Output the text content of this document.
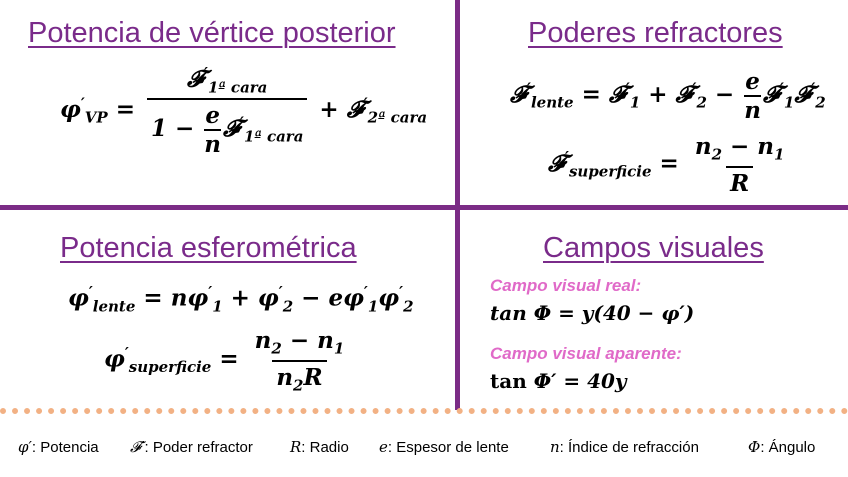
Potencia de vértice posterior
$\varphi'_{VP} = \frac{𝓕'_{1ª cara}}{1 - \frac{e}{n} 𝓕'_{1ª cara}}$ + 𝓕′$_{2ª cara}$
Poderes refractores
𝓕′$_{lente}$ = 𝓕′$_1$ + 𝓕′$_2$ − $\frac{e}{n}$ 𝓕′$_1$𝓕′$_2$
𝓕′$_{superficie}$ = $\frac{n_2 - n_1}{R}$
Potencia esferométrica
$\varphi'_{lente} = n\varphi'_1 + \varphi'_2 - e\varphi'_1\varphi'_2$
$\varphi'_{superficie} = \frac{n_2 - n_1}{n_2R}$
Campos visuales
Campo visual real:
tan Φ = y(40 − φ′)
Campo visual aparente:
tan Φ′ = 40y
φ′: Potencia 𝓕′: Poder refractor R: Radio e: Espesor de lente	n: Índice de refracción	Φ: Ángulo
